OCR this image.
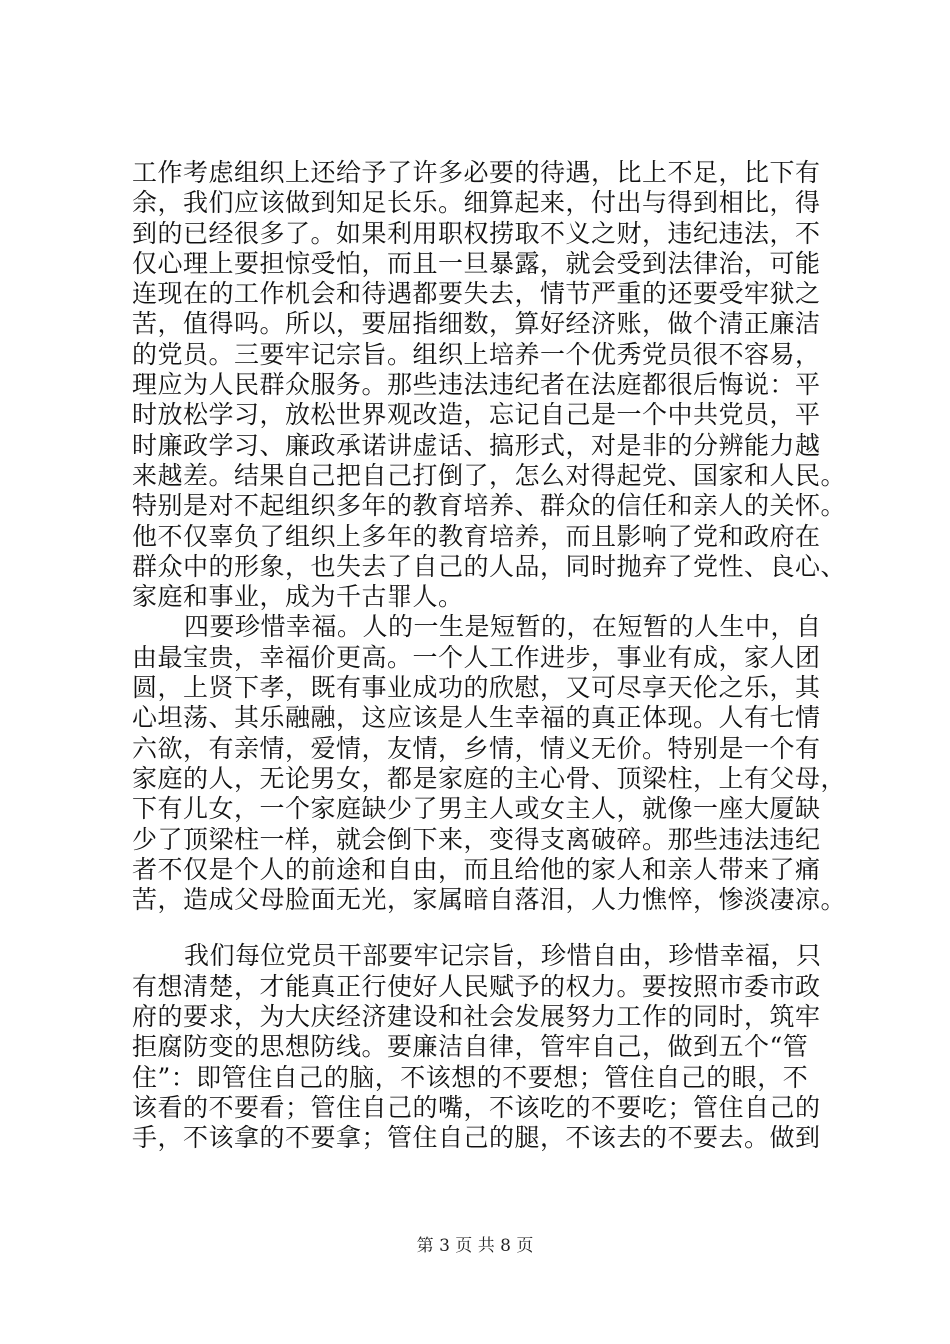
工作考虑组织上还给予了许多必要的待遇，比上不足，比下有
余，我们应该做到知足长乐。细算起来，付出与得到相比，得
到的已经很多了。如果利用职权捞取不义之财，违纪违法，不
仅心理上要担惊受怕，而且一旦暴露，就会受到法律治，可能
连现在的工作机会和待遇都要失去，情节严重的还要受牢狱之
苦，值得吗。所以，要屈指细数，算好经济账，做个清正廉洁
的党员。三要牢记宗旨。组织上培养一个优秀党员很不容易，
理应为人民群众服务。那些违法违纪者在法庭都很后悔说：平
时放松学习，放松世界观改造，忘记自己是一个中共党员，平
时廉政学习、廉政承诺讲虚话、搞形式，对是非的分辨能力越
来越差。结果自己把自己打倒了，怎么对得起党、国家和人民。
特别是对不起组织多年的教育培养、群众的信任和亲人的关怀。
他不仅辜负了组织上多年的教育培养，而且影响了党和政府在
群众中的形象，也失去了自己的人品，同时抛弃了党性、良心、
家庭和事业，成为千古罪人。
四要珍惜幸福。人的一生是短暂的，在短暂的人生中，自
由最宝贵，幸福价更高。一个人工作进步，事业有成，家人团
圆，上贤下孝，既有事业成功的欣慰，又可尽享天伦之乐，其
心坦荡、其乐融融，这应该是人生幸福的真正体现。人有七情
六欲，有亲情，爱情，友情，乡情，情义无价。特别是一个有
家庭的人，无论男女，都是家庭的主心骨、顶梁柱，上有父母，
下有儿女，一个家庭缺少了男主人或女主人，就像一座大厦缺
少了顶梁柱一样，就会倒下来，变得支离破碎。那些违法违纪
者不仅是个人的前途和自由，而且给他的家人和亲人带来了痛
苦，造成父母脸面无光，家属暗自落泪，人力憔悴，惨淡凄凉。
我们每位党员干部要牢记宗旨，珍惜自由，珍惜幸福，只
有想清楚，才能真正行使好人民赋予的权力。要按照市委市政
府的要求，为大庆经济建设和社会发展努力工作的同时，筑牢
拒腐防变的思想防线。要廉洁自律，管牢自己，做到五个“管
住”：即管住自己的脑，不该想的不要想；管住自己的眼，不
该看的不要看；管住自己的嘴，不该吃的不要吃；管住自己的
手，不该拿的不要拿；管住自己的腿，不该去的不要去。做到
第 3 页 共 8 页
